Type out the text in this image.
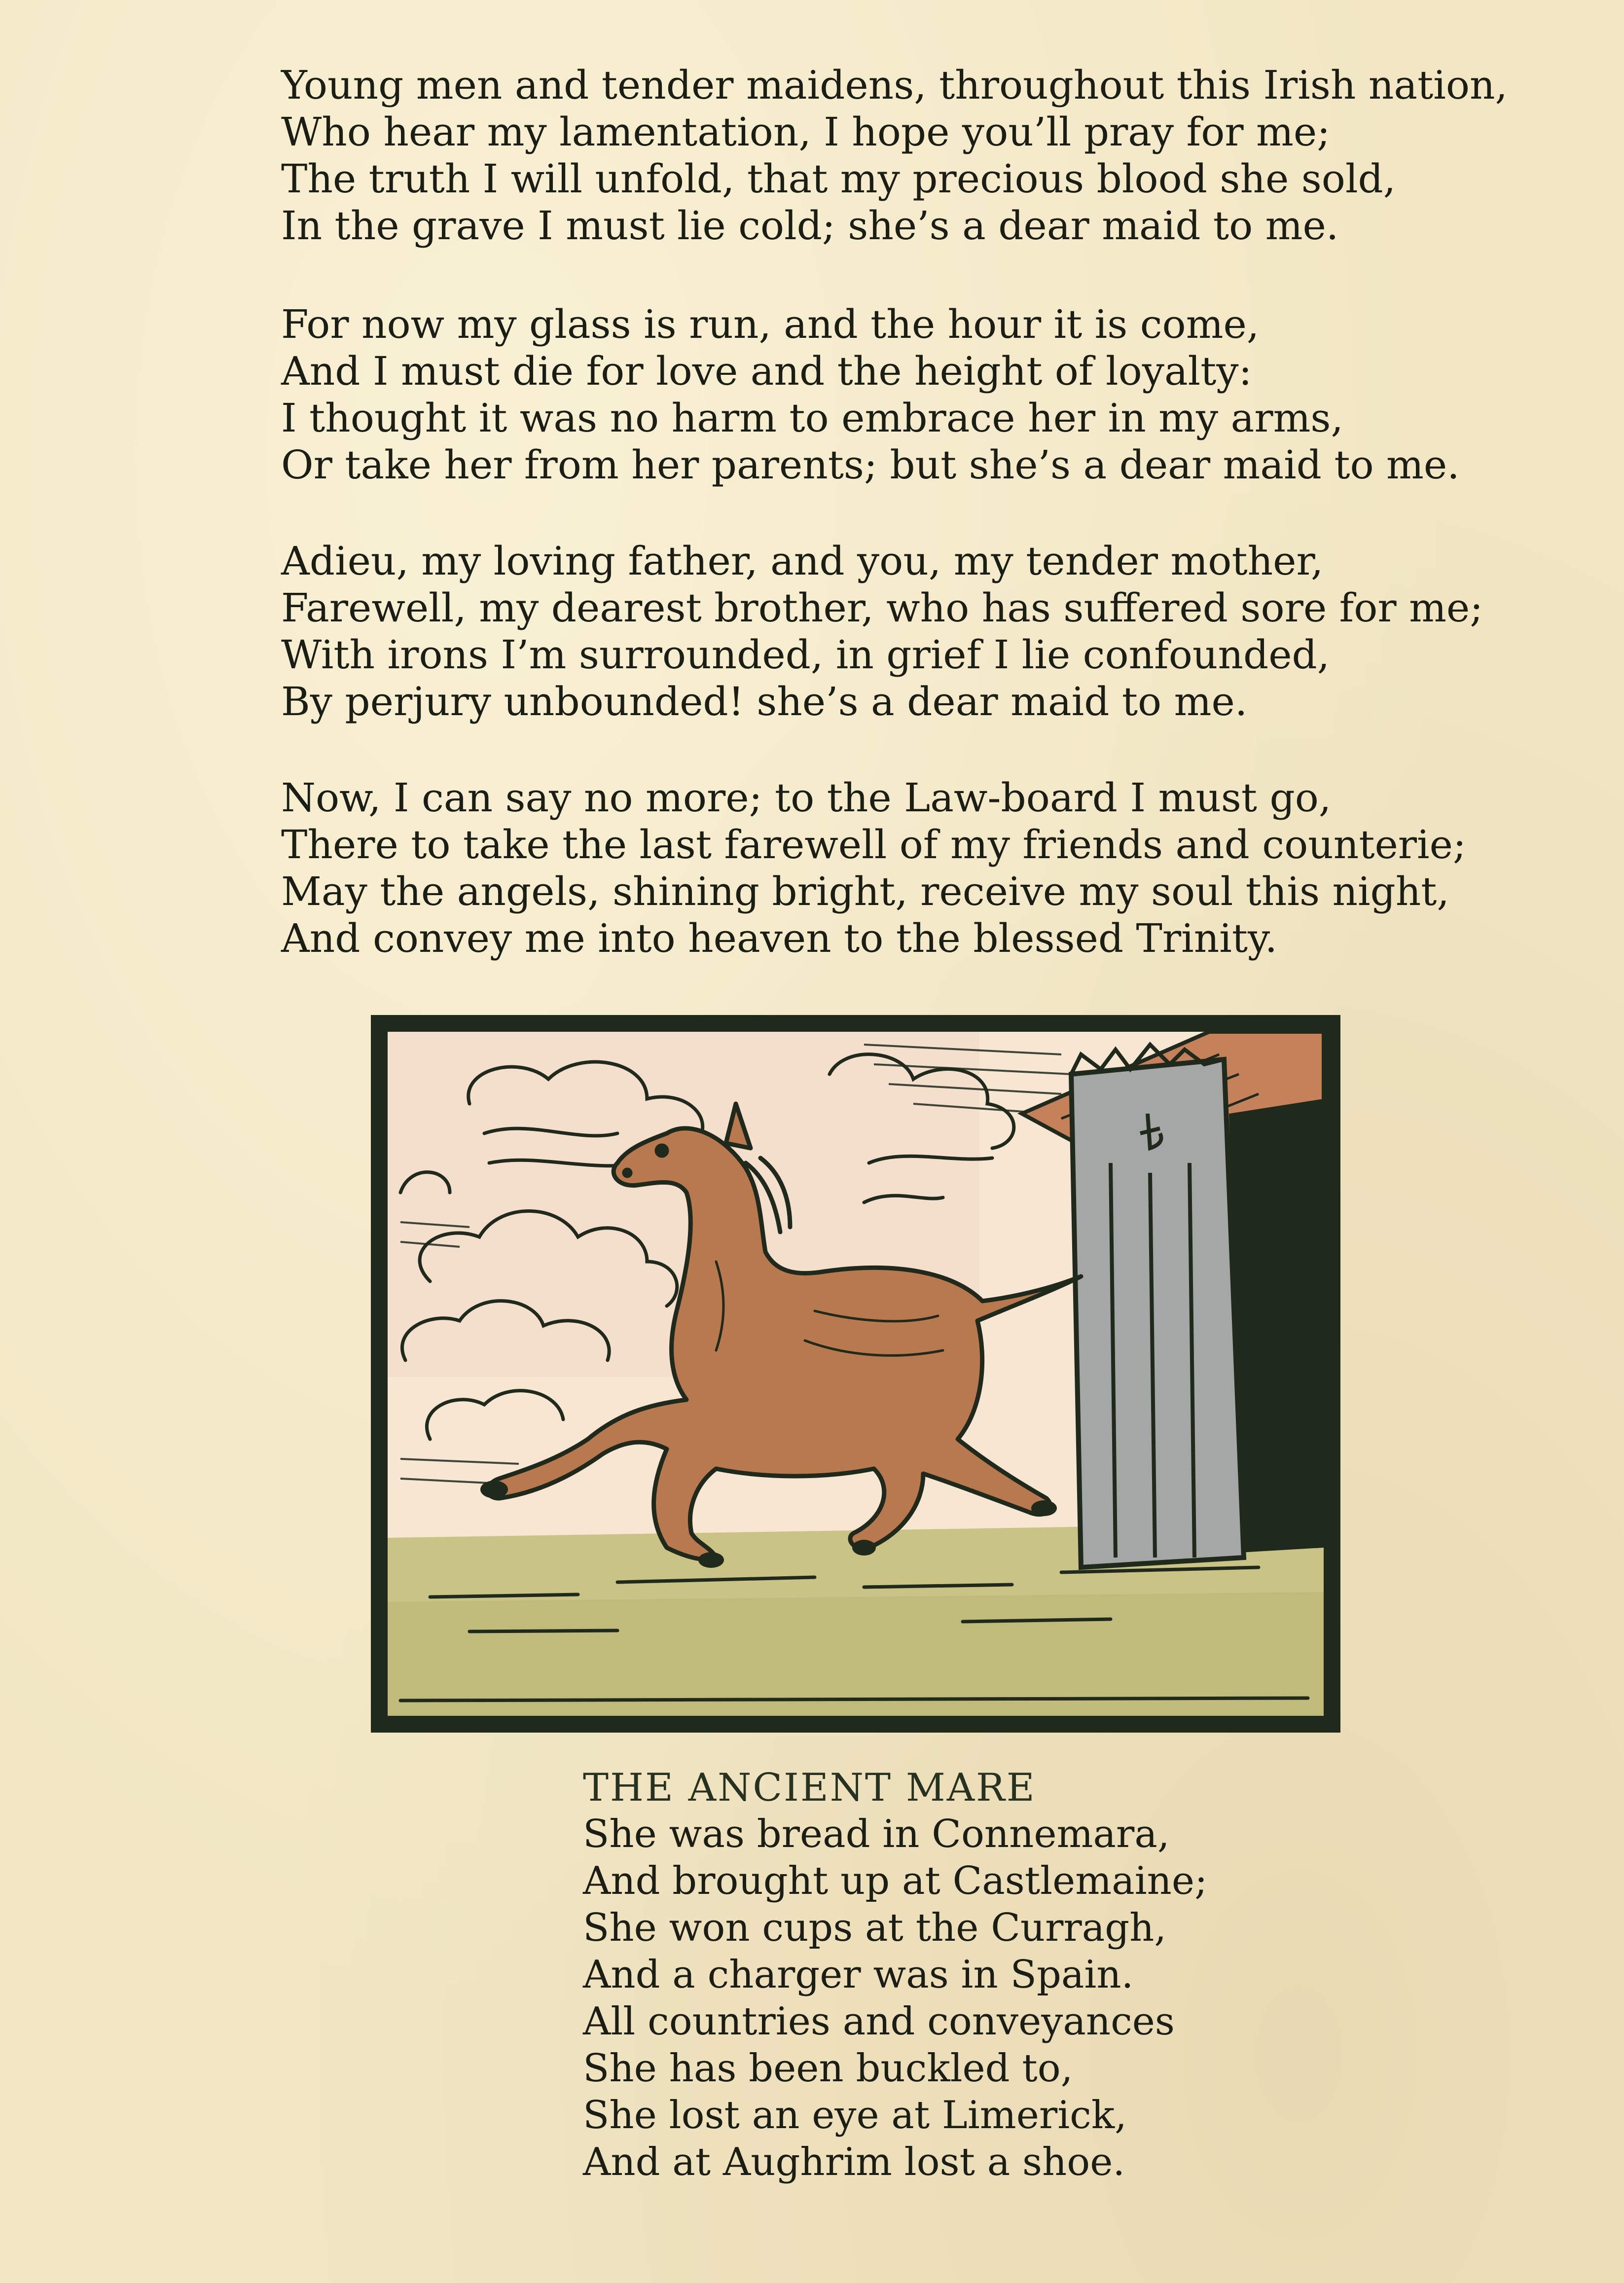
Young men and tender maidens, throughout this Irish nation,
Who hear my lamentation, I hope you’ll pray for me;
The truth I will unfold, that my precious blood she sold,
In the grave I must lie cold; she’s a dear maid to me.
For now my glass is run, and the hour it is come,
And I must die for love and the height of loyalty:
I thought it was no harm to embrace her in my arms,
Or take her from her parents; but she’s a dear maid to me.
Adieu, my loving father, and you, my tender mother,
Farewell, my dearest brother, who has suffered sore for me;
With irons I’m surrounded, in grief I lie confounded,
By perjury unbounded! she’s a dear maid to me.
Now, I can say no more; to the Law-board I must go,
There to take the last farewell of my friends and counterie;
May the angels, shining bright, receive my soul this night,
And convey me into heaven to the blessed Trinity.
THE ANCIENT MARE
She was bread in Connemara,
And brought up at Castlemaine;
She won cups at the Curragh,
And a charger was in Spain.
All countries and conveyances
She has been buckled to,
She lost an eye at Limerick,
And at Aughrim lost a shoe.
